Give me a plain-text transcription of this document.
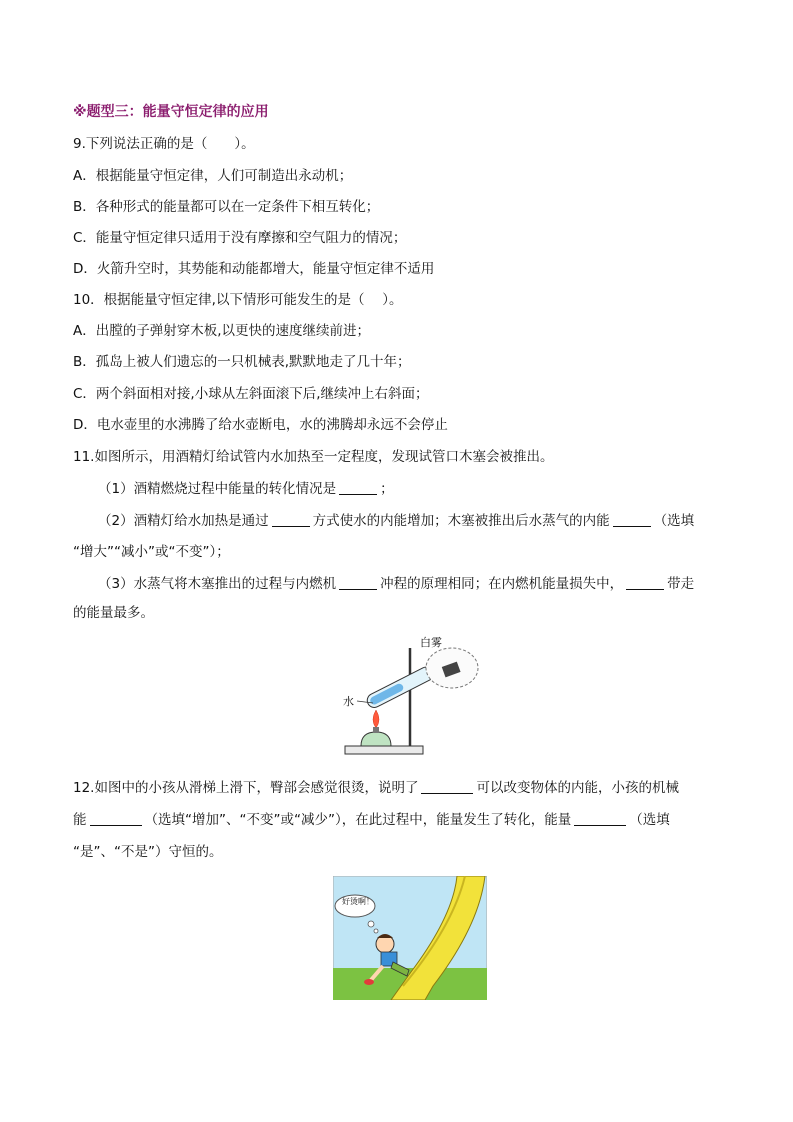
※题型三：能量守恒定律的应用
9.下列说法正确的是（　　）。
A．根据能量守恒定律，人们可制造出永动机；
B．各种形式的能量都可以在一定条件下相互转化；
C．能量守恒定律只适用于没有摩擦和空气阻力的情况；
D．火箭升空时，其势能和动能都增大，能量守恒定律不适用
10．根据能量守恒定律,以下情形可能发生的是（　 ）。
A．出膛的子弹射穿木板,以更快的速度继续前进；
B．孤岛上被人们遗忘的一只机械表,默默地走了几十年；
C．两个斜面相对接,小球从左斜面滚下后,继续冲上右斜面；
D．电水壶里的水沸腾了给水壶断电，水的沸腾却永远不会停止
11.如图所示，用酒精灯给试管内水加热至一定程度，发现试管口木塞会被推出。
（1）酒精燃烧过程中能量的转化情况是	；
（2）酒精灯给水加热是通过	方式使水的内能增加；木塞被推出后水蒸气的内能	（选填
“增大”“减小”或“不变”）；
（3）水蒸气将木塞推出的过程与内燃机	冲程的原理相同；在内燃机能量损失中，	带走
的能量最多。
白雾
水
12.如图中的小孩从滑梯上滑下，臀部会感觉很烫，说明了	可以改变物体的内能，小孩的机械
能	（选填“增加”、“不变”或“减少”），在此过程中，能量发生了转化，能量	（选填
“是”、“不是”）守恒的。
好烫啊！
